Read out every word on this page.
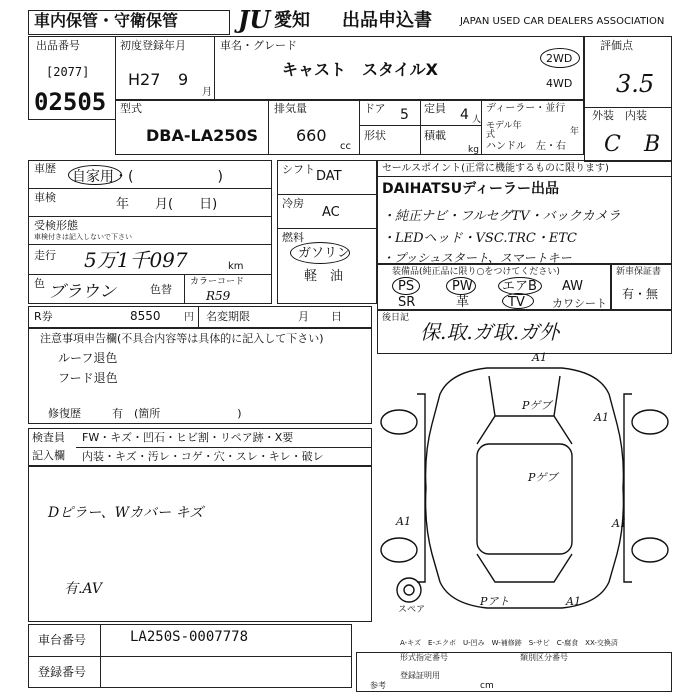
車内保管・守衛保管 JU 愛知 出品申込書	JAPAN USED CAR DEALERS ASSOCIATION
出品番号
[2077]
02505
初度登録年月
H27 9
月
車名・グレード
キャスト　スタイルX
2WD
4WD
評価点
3.5
型式
DBA-LA250S
排気量
660
cc
ドア 5 定員 4 人
形状	積載
kg
ディーラー・並行
モデル年式	年
ハンドル　左・右
外装　内装
C B
車歴
自家用・(　　　　　　)
車検	年　　月(　　日)
受検形態
車検付きは記入しないで下さい
走行 5万1千097	km
色 ブラウン	色替
カラーコード
R59
シフト DAT
冷房
AC
燃料
ガソリン
軽　油
セールスポイント(正常に機能するものに限ります)
DAIHATSUディーラー出品
・純正ナビ・フルセグTV・バックカメラ
・LEDヘッド・VSC.TRC・ETC
・プッシュスタート、スマートキー
装備品(純正品に限り○をつけてください)
PS	PW エアB AW
SR	革	TV カワシート
新車保証書
有・無
R券	8550 円 名変期限	月　　日
注意事項申告欄(不具合内容等は具体的に記入して下さい)
ルーフ退色
フード退色
修復歴	有　(箇所　　　　　　　)
後日記
保.取.ガ取.ガ外
検査員
記入欄
FW・キズ・凹石・ヒビ割・リペア跡・X要
内装・キズ・汚レ・コゲ・穴・スレ・キレ・破レ
Dピラー、Wカバー キズ
有.AV
A1
Pゲブ
Pゲブ
A1
A1	A1
Pアト	A1
スペア
A-キズ　E-エクボ　U-凹み　W-補修跡　S-サビ　C-腐食　XX-交換済
車台番号	LA250S-0007778
登録番号
形式指定番号	類別区分番号
登録証明用
参考	cm
